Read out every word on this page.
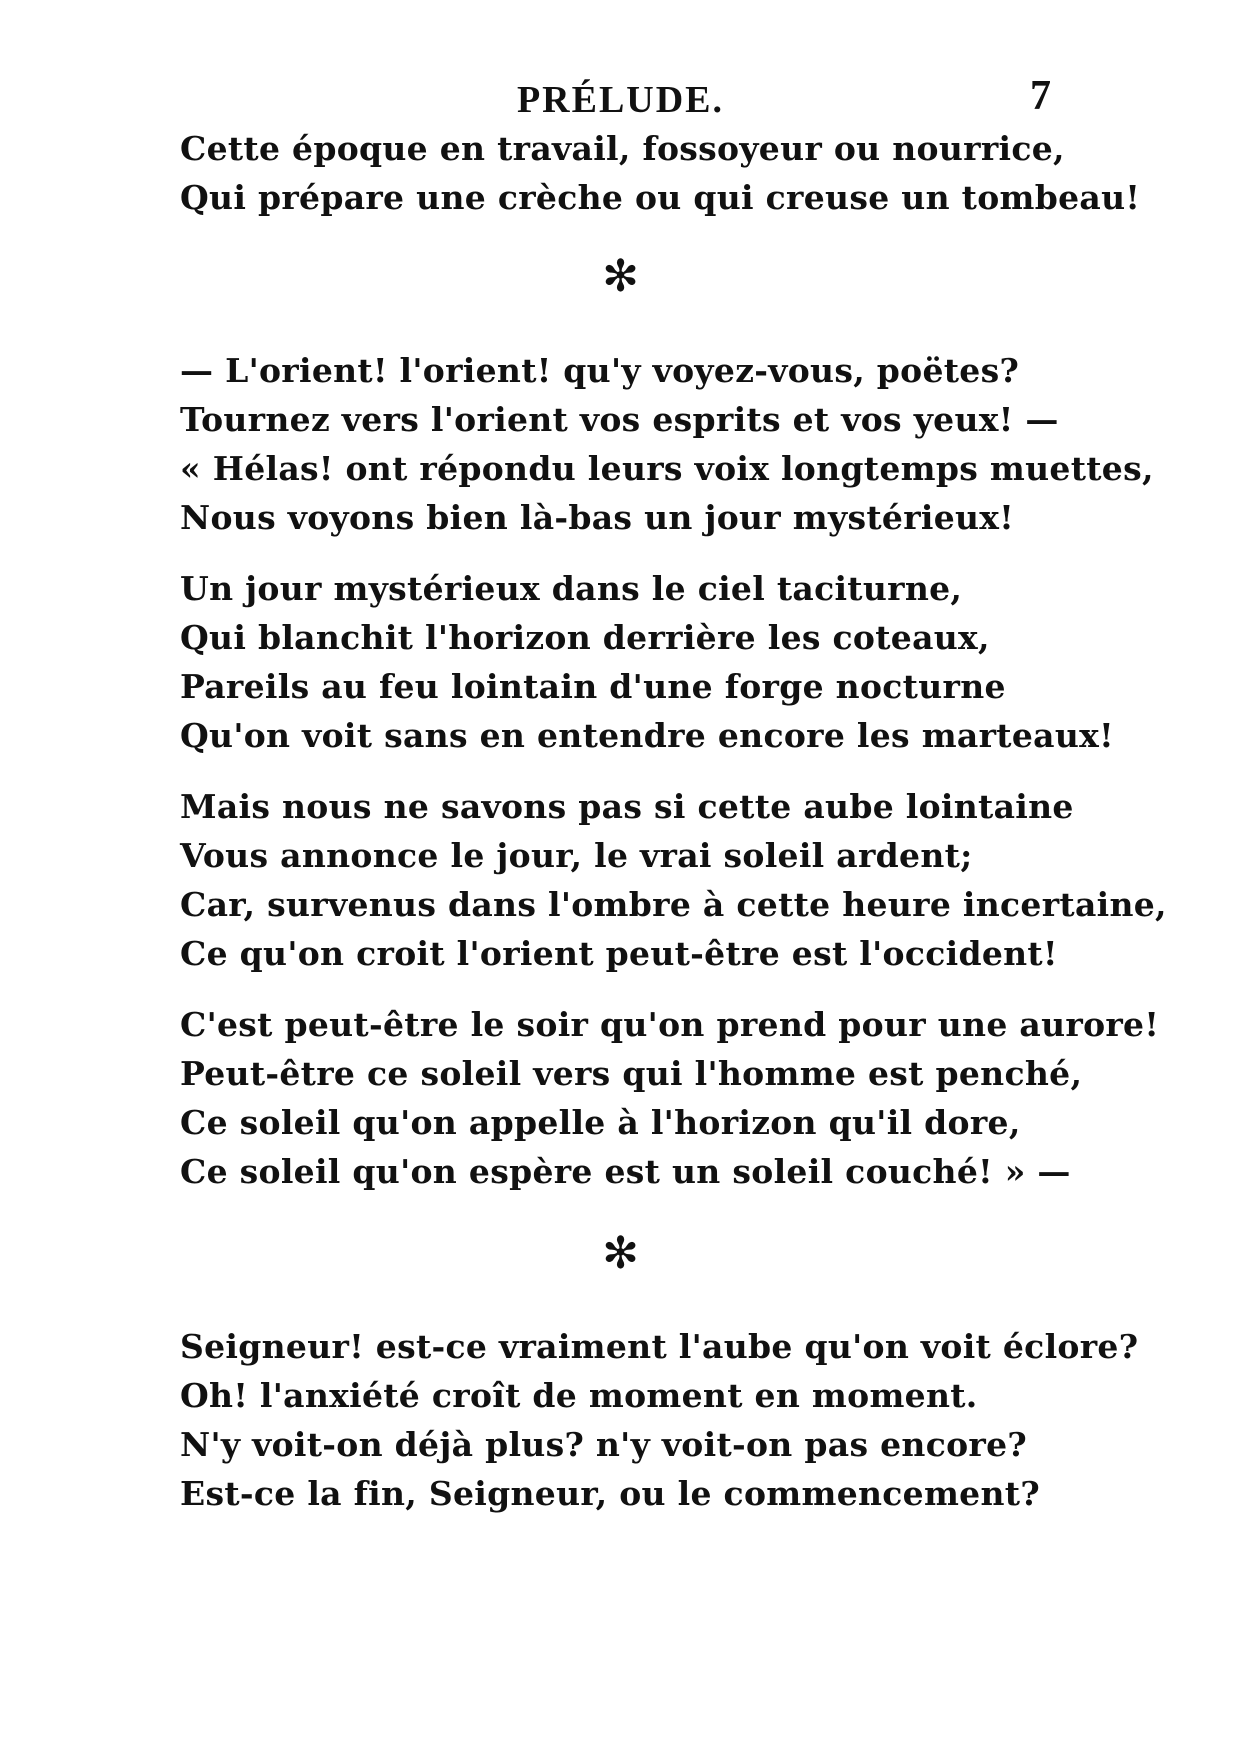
PRÉLUDE.	7
Cette époque en travail, fossoyeur ou nourrice,
Qui prépare une crèche ou qui creuse un tombeau!
✻
— L'orient! l'orient! qu'y voyez-vous, poëtes?
Tournez vers l'orient vos esprits et vos yeux! —
« Hélas! ont répondu leurs voix longtemps muettes,
Nous voyons bien là-bas un jour mystérieux!
Un jour mystérieux dans le ciel taciturne,
Qui blanchit l'horizon derrière les coteaux,
Pareils au feu lointain d'une forge nocturne
Qu'on voit sans en entendre encore les marteaux!
Mais nous ne savons pas si cette aube lointaine
Vous annonce le jour, le vrai soleil ardent;
Car, survenus dans l'ombre à cette heure incertaine,
Ce qu'on croit l'orient peut-être est l'occident!
C'est peut-être le soir qu'on prend pour une aurore!
Peut-être ce soleil vers qui l'homme est penché,
Ce soleil qu'on appelle à l'horizon qu'il dore,
Ce soleil qu'on espère est un soleil couché! » —
✻
Seigneur! est-ce vraiment l'aube qu'on voit éclore?
Oh! l'anxiété croît de moment en moment.
N'y voit-on déjà plus? n'y voit-on pas encore?
Est-ce la fin, Seigneur, ou le commencement?
